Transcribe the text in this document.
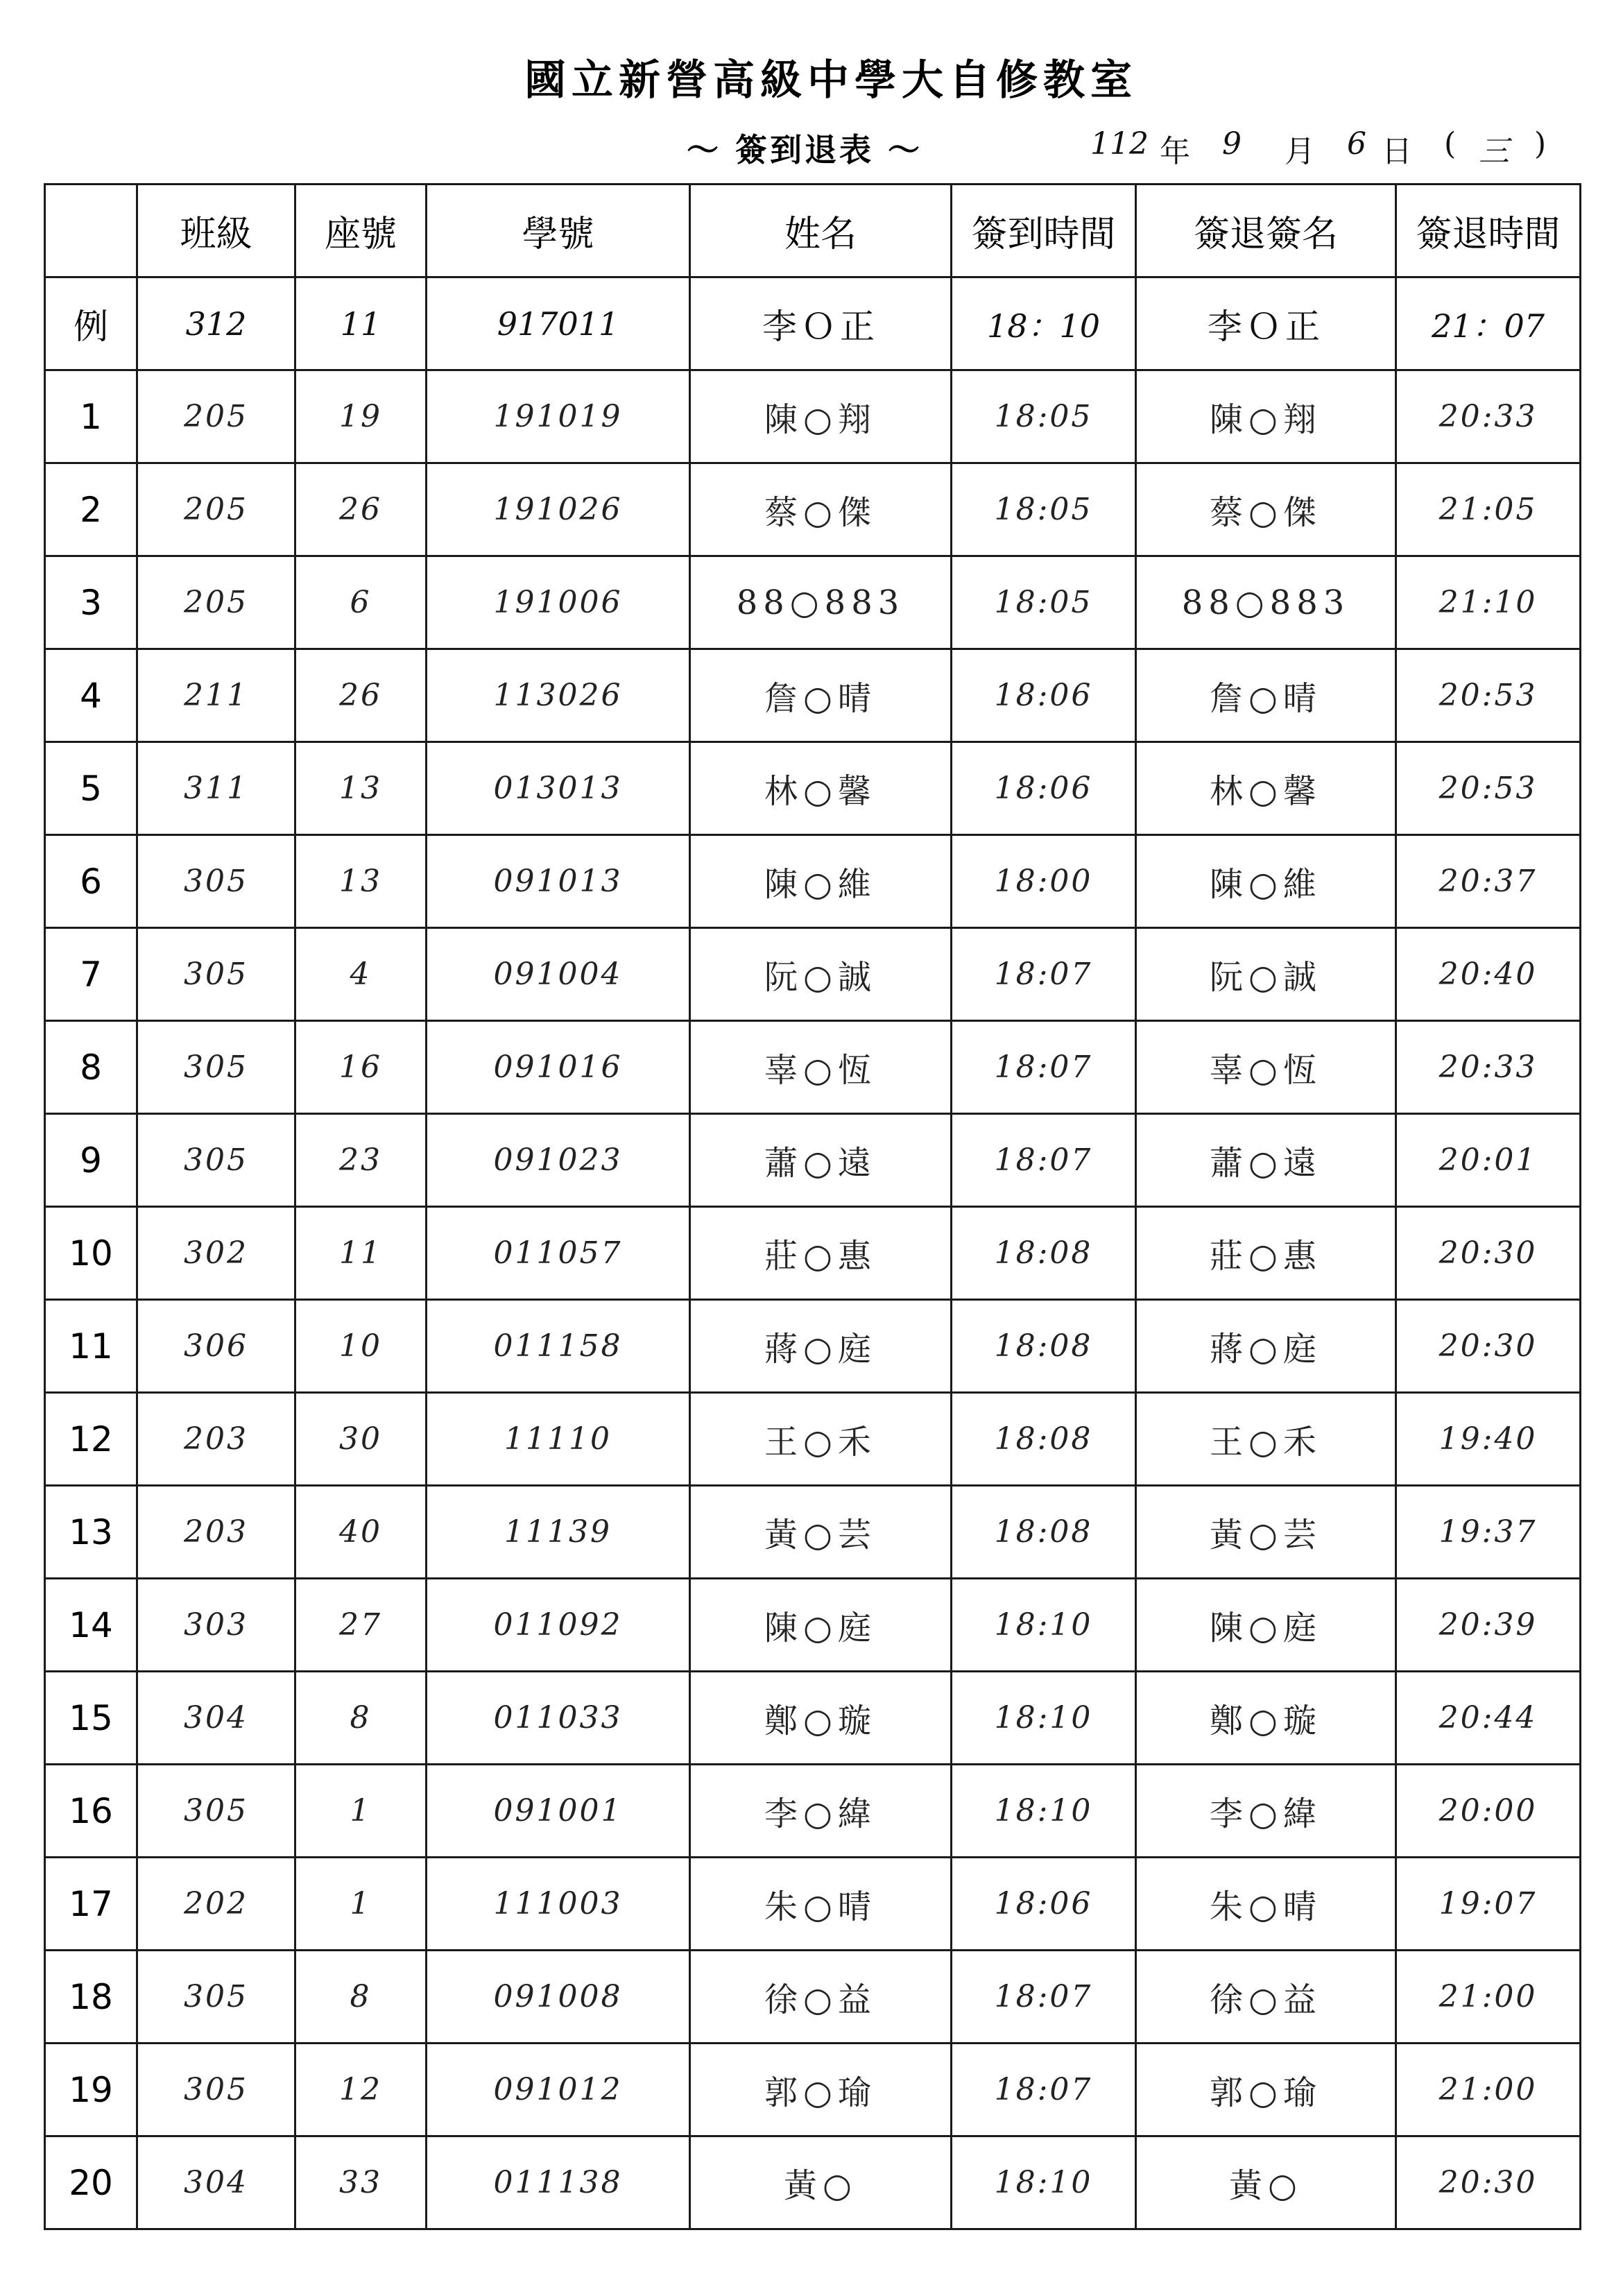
國立新營高級中學大自修教室
～ 簽到退表 ～	112 年 9 月 6 日 ( 三 )
	班級	座號	學號	姓名	簽到時間	簽退簽名	簽退時間
例	312	11	917011	李Ｏ正	18：10	李Ｏ正	21：07
1	205	19	191019	陳○翔	18:05	陳○翔	20:33
2	205	26	191026	蔡○傑	18:05	蔡○傑	21:05
3	205	6	191006	88○883	18:05	88○883	21:10
4	211	26	113026	詹○晴	18:06	詹○晴	20:53
5	311	13	013013	林○馨	18:06	林○馨	20:53
6	305	13	091013	陳○維	18:00	陳○維	20:37
7	305	4	091004	阮○誠	18:07	阮○誠	20:40
8	305	16	091016	辜○恆	18:07	辜○恆	20:33
9	305	23	091023	蕭○遠	18:07	蕭○遠	20:01
10	302	11	011057	莊○惠	18:08	莊○惠	20:30
11	306	10	011158	蔣○庭	18:08	蔣○庭	20:30
12	203	30	11110	王○禾	18:08	王○禾	19:40
13	203	40	11139	黃○芸	18:08	黃○芸	19:37
14	303	27	011092	陳○庭	18:10	陳○庭	20:39
15	304	8	011033	鄭○璇	18:10	鄭○璇	20:44
16	305	1	091001	李○緯	18:10	李○緯	20:00
17	202	1	111003	朱○晴	18:06	朱○晴	19:07
18	305	8	091008	徐○益	18:07	徐○益	21:00
19	305	12	091012	郭○瑜	18:07	郭○瑜	21:00
20	304	33	011138	黃○	18:10	黃○	20:30
